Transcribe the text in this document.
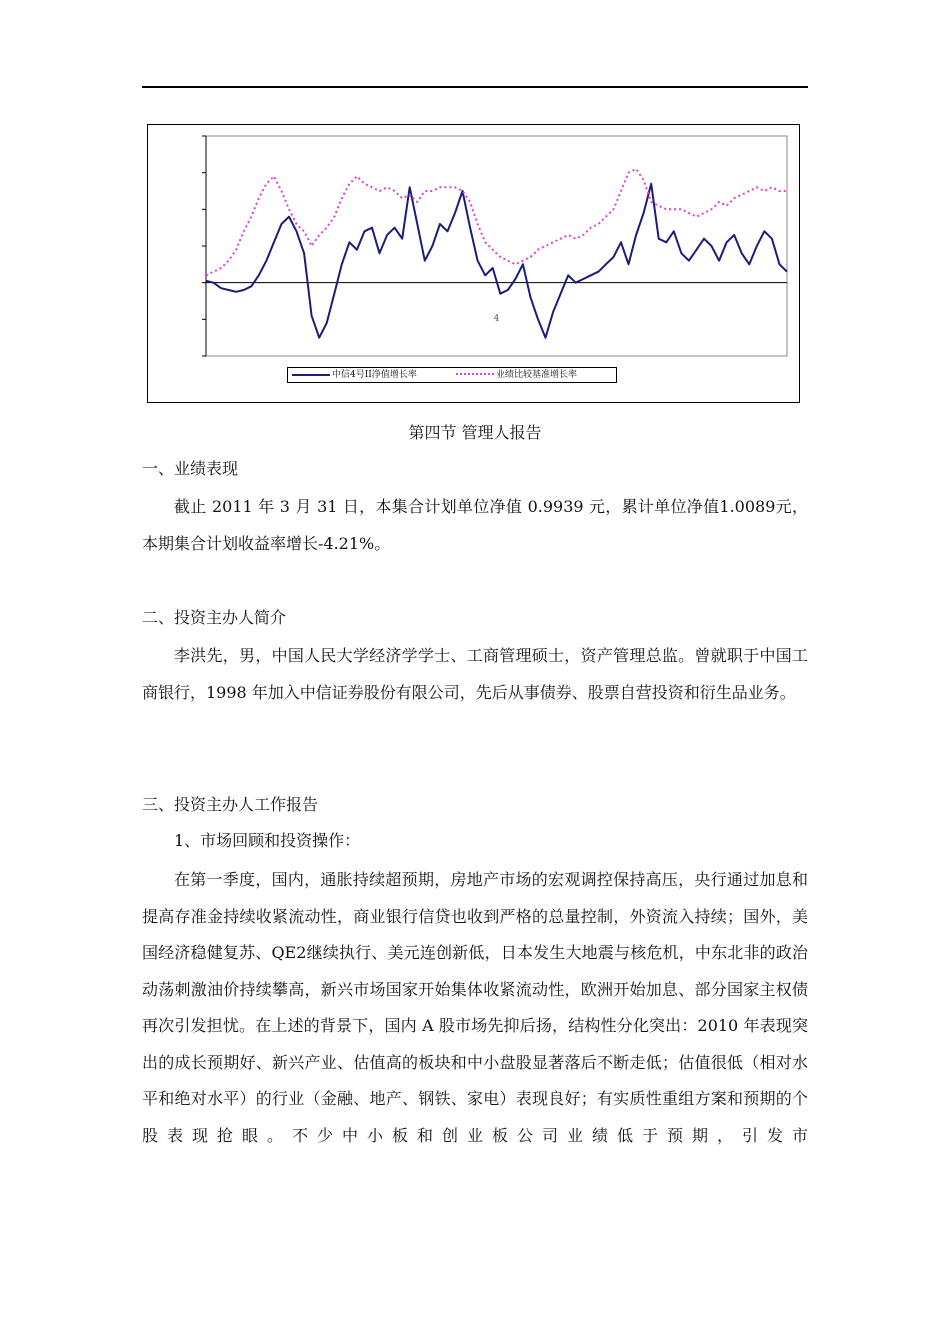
4
中信4号II净值增长率	业绩比较基准增长率
第四节 管理人报告
一、业绩表现

截止 2011 年 3 月 31 日，本集合计划单位净值 0.9939 元，累计单位净值1.0089元，本期集合计划收益率增长-4.21%。

二、投资主办人简介

李洪先，男，中国人民大学经济学学士、工商管理硕士，资产管理总监。曾就职于中国工商银行，1998 年加入中信证券股份有限公司，先后从事债券、股票自营投资和衍生品业务。

三、投资主办人工作报告
1、市场回顾和投资操作：

在第一季度，国内，通胀持续超预期，房地产市场的宏观调控保持高压，央行通过加息和提高存准金持续收紧流动性，商业银行信贷也收到严格的总量控制，外资流入持续；国外，美国经济稳健复苏、QE2继续执行、美元连创新低，日本发生大地震与核危机，中东北非的政治动荡刺激油价持续攀高，新兴市场国家开始集体收紧流动性，欧洲开始加息、部分国家主权债再次引发担忧。在上述的背景下，国内 A 股市场先抑后扬，结构性分化突出：2010 年表现突出的成长预期好、新兴产业、估值高的板块和中小盘股显著落后不断走低；估值很低（相对水平和绝对水平）的行业（金融、地产、钢铁、家电）表现良好；有实质性重组方案和预期的个股表现抢眼。不少中小板和创业板公司业绩低于预期，引发市
